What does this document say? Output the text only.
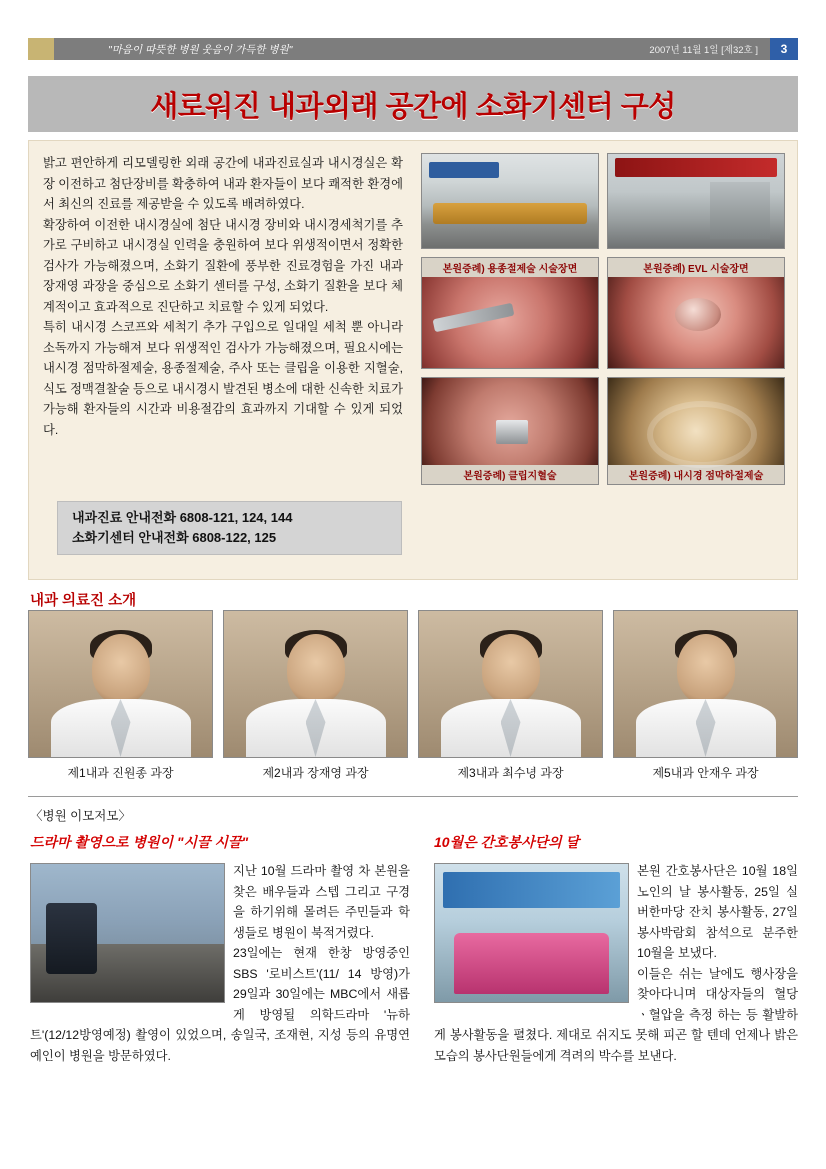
"마음이 따뜻한 병원 웃음이 가득한 병원"	2007년 11월 1일 [제32호 ]	3
새로워진 내과외래 공간에 소화기센터 구성

밝고 편안하게 리모델링한 외래 공간에 내과진료실과 내시경실은 확장 이전하고 첨단장비를 확충하여 내과 환자들이 보다 쾌적한 환경에서 최신의 진료를 제공받을 수 있도록 배려하였다.

확장하여 이전한 내시경실에 첨단 내시경 장비와 내시경세척기를 추가로 구비하고 내시경실 인력을 충원하여 보다 위생적이면서 정확한 검사가 가능해졌으며, 소화기 질환에 풍부한 진료경험을 가진 내과 장재영 과장을 중심으로 소화기 센터를 구성, 소화기 질환을 보다 체계적이고 효과적으로 진단하고 치료할 수 있게 되었다.

특히 내시경 스코프와 세척기 추가 구입으로 일대일 세척 뿐 아니라 소독까지 가능해져 보다 위생적인 검사가 가능해졌으며, 필요시에는 내시경 점막하절제술, 용종절제술, 주사 또는 클립을 이용한 지혈술, 식도 정맥결찰술 등으로 내시경시 발견된 병소에 대한 신속한 치료가 가능해 환자들의 시간과 비용절감의 효과까지 기대할 수 있게 되었다.

내과진료 안내전화 6808-121, 124, 144
소화기센터 안내전화 6808-122, 125
본원증례) 용종절제술 시술장면	본원증례) EVL 시술장면
본원증례) 클립지혈술	본원증례) 내시경 점막하절제술
내과 의료진 소개
제1내과 진원종 과장	제2내과 장재영 과장	제3내과 최수녕 과장	제5내과 안재우 과장
〈병원 이모저모〉
드라마 촬영으로 병원이 "시끌 시끌"

지난 10월 드라마 촬영 차 본원을 찾은 배우들과 스텝 그리고 구경을 하기위해 몰려든 주민들과 학생들로 병원이 북적거렸다.

23일에는 현재 한창 방영중인 SBS '로비스트'(11/ 14 방영)가 29일과 30일에는 MBC에서 새롭게 방영될 의학드라마 '뉴하트'(12/12방영예정) 촬영이 있었으며, 송일국, 조재현, 지성 등의 유명연예인이 병원을 방문하였다.

10월은 간호봉사단의 달

본원 간호봉사단은 10월 18일 노인의 날 봉사활동, 25일 실버한마당 잔치 봉사활동, 27일 봉사박람회 참석으로 분주한 10월을 보냈다.

이들은 쉬는 날에도 행사장을 찾아다니며 대상자들의 혈당ㆍ혈압을 측정 하는 등 활발하게 봉사활동을 펼쳤다. 제대로 쉬지도 못해 피곤 할 텐데 언제나 밝은 모습의 봉사단원들에게 격려의 박수를 보낸다.
